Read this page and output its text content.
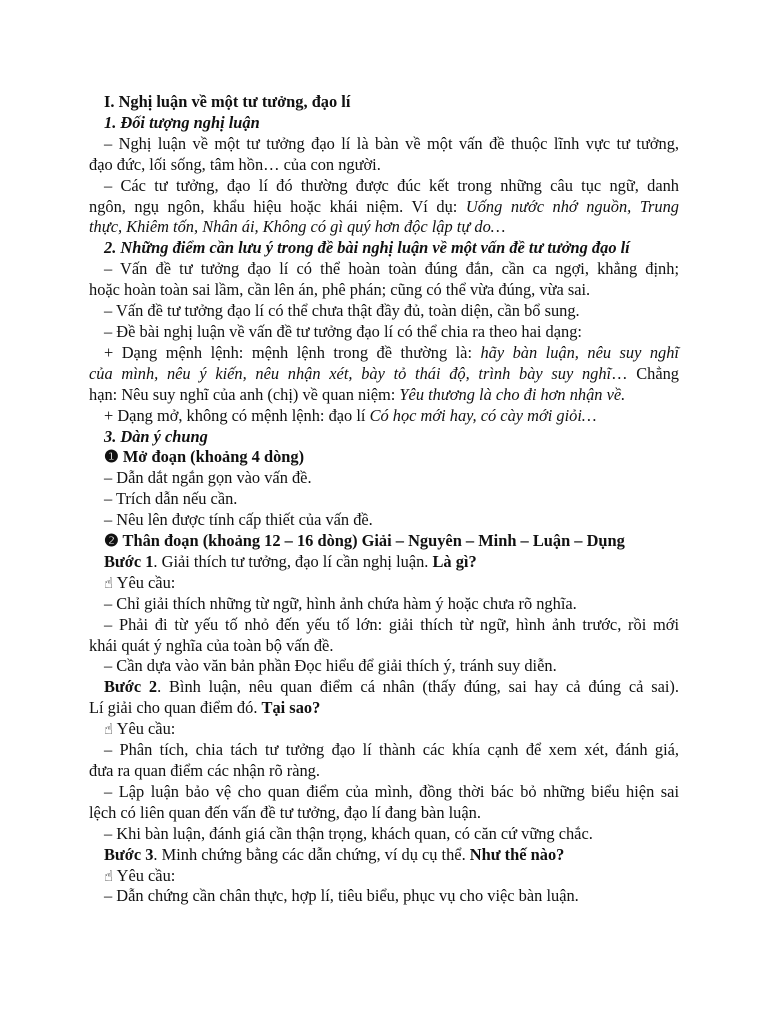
I. Nghị luận về một tư tưởng, đạo lí
1. Đối tượng nghị luận
– Nghị luận về một tư tưởng đạo lí là bàn về một vấn đề thuộc lĩnh vực tư tưởng,
đạo đức, lối sống, tâm hồn… của con người.
– Các tư tưởng, đạo lí đó thường được đúc kết trong những câu tục ngữ, danh
ngôn, ngụ ngôn, khẩu hiệu hoặc khái niệm. Ví dụ: Uống nước nhớ nguồn, Trung
thực, Khiêm tốn, Nhân ái, Không có gì quý hơn độc lập tự do…
2. Những điểm cần lưu ý trong đề bài nghị luận về một vấn đề tư tưởng đạo lí
– Vấn đề tư tưởng đạo lí có thể hoàn toàn đúng đắn, cần ca ngợi, khẳng định;
hoặc hoàn toàn sai lầm, cần lên án, phê phán; cũng có thể vừa đúng, vừa sai.
– Vấn đề tư tưởng đạo lí có thể chưa thật đầy đủ, toàn diện, cần bổ sung.
– Đề bài nghị luận về vấn đề tư tưởng đạo lí có thể chia ra theo hai dạng:
+ Dạng mệnh lệnh: mệnh lệnh trong đề thường là: hãy bàn luận, nêu suy nghĩ
của mình, nêu ý kiến, nêu nhận xét, bày tỏ thái độ, trình bày suy nghĩ… Chẳng
hạn: Nêu suy nghĩ của anh (chị) về quan niệm: Yêu thương là cho đi hơn nhận về.
+ Dạng mở, không có mệnh lệnh: đạo lí Có học mới hay, có cày mới giỏi…
3. Dàn ý chung
❶ Mở đoạn (khoảng 4 dòng)
– Dẫn dắt ngắn gọn vào vấn đề.
– Trích dẫn nếu cần.
– Nêu lên được tính cấp thiết của vấn đề.
❷ Thân đoạn (khoảng 12 – 16 dòng) Giải – Nguyên – Minh – Luận – Dụng
Bước 1. Giải thích tư tưởng, đạo lí cần nghị luận. Là gì?
☝ Yêu cầu:
– Chỉ giải thích những từ ngữ, hình ảnh chứa hàm ý hoặc chưa rõ nghĩa.
– Phải đi từ yếu tố nhỏ đến yếu tố lớn: giải thích từ ngữ, hình ảnh trước, rồi mới
khái quát ý nghĩa của toàn bộ vấn đề.
– Cần dựa vào văn bản phần Đọc hiểu để giải thích ý, tránh suy diễn.
Bước 2. Bình luận, nêu quan điểm cá nhân (thấy đúng, sai hay cả đúng cả sai).
Lí giải cho quan điểm đó. Tại sao?
☝ Yêu cầu:
– Phân tích, chia tách tư tưởng đạo lí thành các khía cạnh để xem xét, đánh giá,
đưa ra quan điểm các nhận rõ ràng.
– Lập luận bảo vệ cho quan điểm của mình, đồng thời bác bỏ những biểu hiện sai
lệch có liên quan đến vấn đề tư tưởng, đạo lí đang bàn luận.
– Khi bàn luận, đánh giá cần thận trọng, khách quan, có căn cứ vững chắc.
Bước 3. Minh chứng bằng các dẫn chứng, ví dụ cụ thể. Như thế nào?
☝ Yêu cầu:
– Dẫn chứng cần chân thực, hợp lí, tiêu biểu, phục vụ cho việc bàn luận.
